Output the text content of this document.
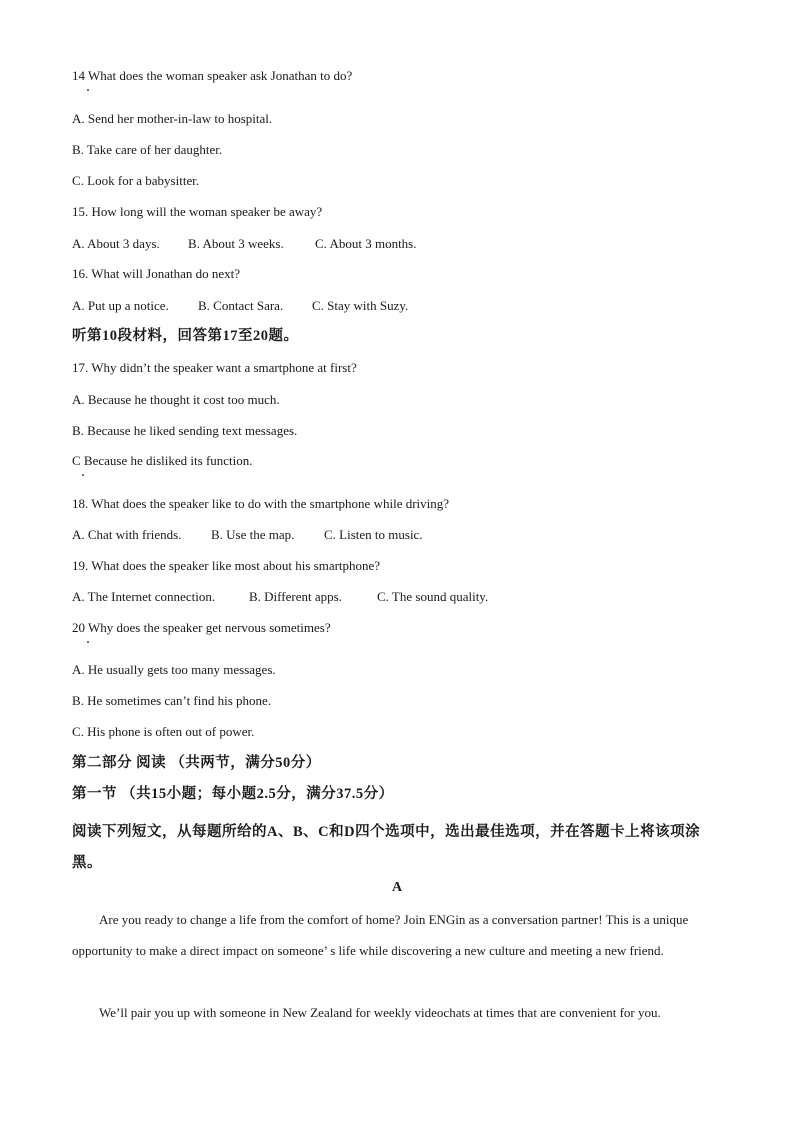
14 What does the woman speaker ask Jonathan to do?
A. Send her mother-in-law to hospital.
B. Take care of her daughter.
C. Look for a babysitter.
15. How long will the woman speaker be away?
A. About 3 days. B. About 3 weeks. C. About 3 months.
16. What will Jonathan do next?
A. Put up a notice. B. Contact Sara. C. Stay with Suzy.
听第10段材料，回答第17至20题。
17. Why didn’t the speaker want a smartphone at first?
A. Because he thought it cost too much.
B. Because he liked sending text messages.
C Because he disliked its function.
18. What does the speaker like to do with the smartphone while driving?
A. Chat with friends. B. Use the map. C. Listen to music.
19. What does the speaker like most about his smartphone?
A. The Internet connection.	B. Different apps.	C. The sound quality.
20 Why does the speaker get nervous sometimes?
A. He usually gets too many messages.
B. He sometimes can’t find his phone.
C. His phone is often out of power.
第二部分 阅读 （共两节，满分50分）
第一节 （共15小题；每小题2.5分，满分37.5分）
阅读下列短文，从每题所给的A、B、C和D四个选项中，选出最佳选项，并在答题卡上将该项涂黑。
A
Are you ready to change a life from the comfort of home? Join ENGin as a conversation partner! This is a unique opportunity to make a direct impact on someone’ s life while discovering a new culture and meeting a new friend.
We’ll pair you up with someone in New Zealand for weekly videochats at times that are convenient for you.
